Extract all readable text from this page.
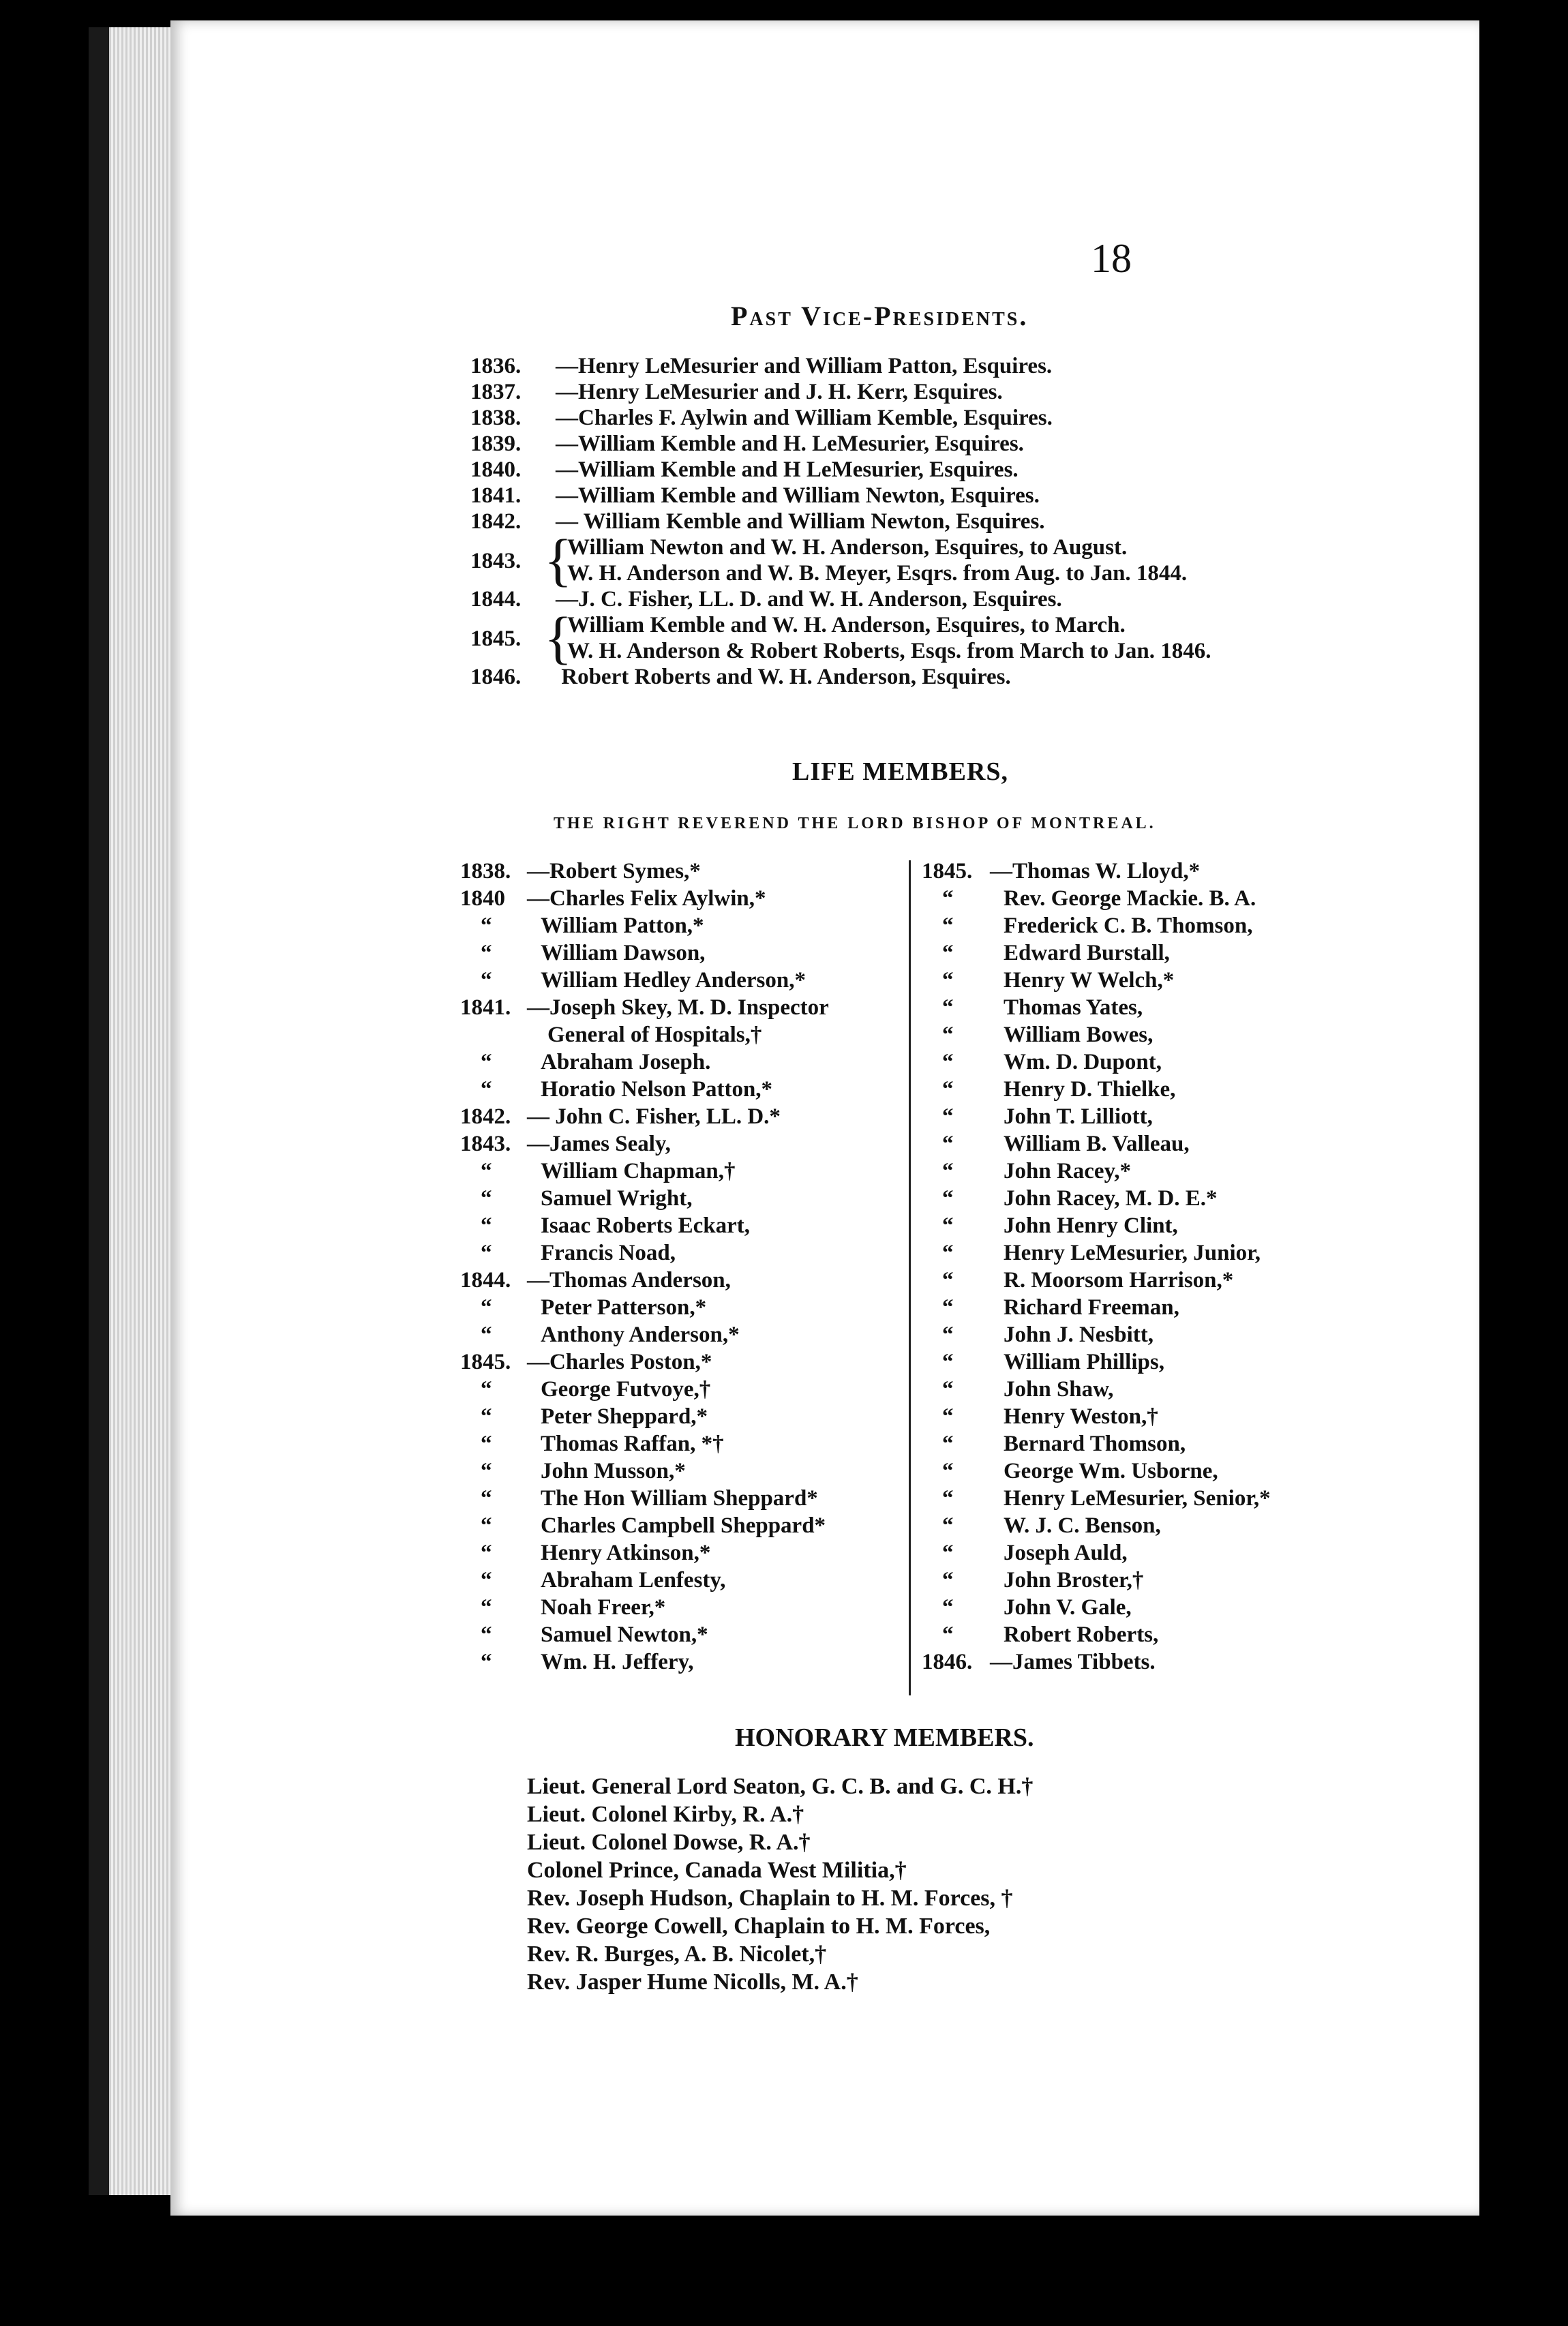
18
Past Vice-Presidents.
1836. —Henry LeMesurier and William Patton, Esquires.
1837. —Henry LeMesurier and J. H. Kerr, Esquires.
1838. —Charles F. Aylwin and William Kemble, Esquires.
1839. —William Kemble and H. LeMesurier, Esquires.
1840. —William Kemble and H LeMesurier, Esquires.
1841. —William Kemble and William Newton, Esquires.
1842. — William Kemble and William Newton, Esquires.
1843. {
William Newton and W. H. Anderson, Esquires, to August.
W. H. Anderson and W. B. Meyer, Esqrs. from Aug. to Jan. 1844.
1844. —J. C. Fisher, LL. D. and W. H. Anderson, Esquires.
1845. {
William Kemble and W. H. Anderson, Esquires, to March.
W. H. Anderson & Robert Roberts, Esqs. from March to Jan. 1846.
1846. Robert Roberts and W. H. Anderson, Esquires.
LIFE MEMBERS,
THE RIGHT REVEREND THE LORD BISHOP OF MONTREAL.
1838. —Robert Symes,*
1840 —Charles Felix Aylwin,*
“ William Patton,*
“ William Dawson,
“ William Hedley Anderson,*
1841. —Joseph Skey, M. D. Inspector
General of Hospitals,†
“ Abraham Joseph.
“ Horatio Nelson Patton,*
1842. — John C. Fisher, LL. D.*
1843. —James Sealy,
“ William Chapman,†
“ Samuel Wright,
“ Isaac Roberts Eckart,
“ Francis Noad,
1844. —Thomas Anderson,
“ Peter Patterson,*
“ Anthony Anderson,*
1845. —Charles Poston,*
“ George Futvoye,†
“ Peter Sheppard,*
“ Thomas Raffan, *†
“ John Musson,*
“ The Hon William Sheppard*
“ Charles Campbell Sheppard*
“ Henry Atkinson,*
“ Abraham Lenfesty,
“ Noah Freer,*
“ Samuel Newton,*
“ Wm. H. Jeffery,
1845. —Thomas W. Lloyd,*
“ Rev. George Mackie. B. A.
“ Frederick C. B. Thomson,
“ Edward Burstall,
“ Henry W Welch,*
“ Thomas Yates,
“ William Bowes,
“ Wm. D. Dupont,
“ Henry D. Thielke,
“ John T. Lilliott,
“ William B. Valleau,
“ John Racey,*
“ John Racey, M. D. E.*
“ John Henry Clint,
“ Henry LeMesurier, Junior,
“ R. Moorsom Harrison,*
“ Richard Freeman,
“ John J. Nesbitt,
“ William Phillips,
“ John Shaw,
“ Henry Weston,†
“ Bernard Thomson,
“ George Wm. Usborne,
“ Henry LeMesurier, Senior,*
“ W. J. C. Benson,
“ Joseph Auld,
“ John Broster,†
“ John V. Gale,
“ Robert Roberts,
1846. —James Tibbets.
HONORARY MEMBERS.
Lieut. General Lord Seaton, G. C. B. and G. C. H.†
Lieut. Colonel Kirby, R. A.†
Lieut. Colonel Dowse, R. A.†
Colonel Prince, Canada West Militia,†
Rev. Joseph Hudson, Chaplain to H. M. Forces, †
Rev. George Cowell, Chaplain to H. M. Forces,
Rev. R. Burges, A. B. Nicolet,†
Rev. Jasper Hume Nicolls, M. A.†
